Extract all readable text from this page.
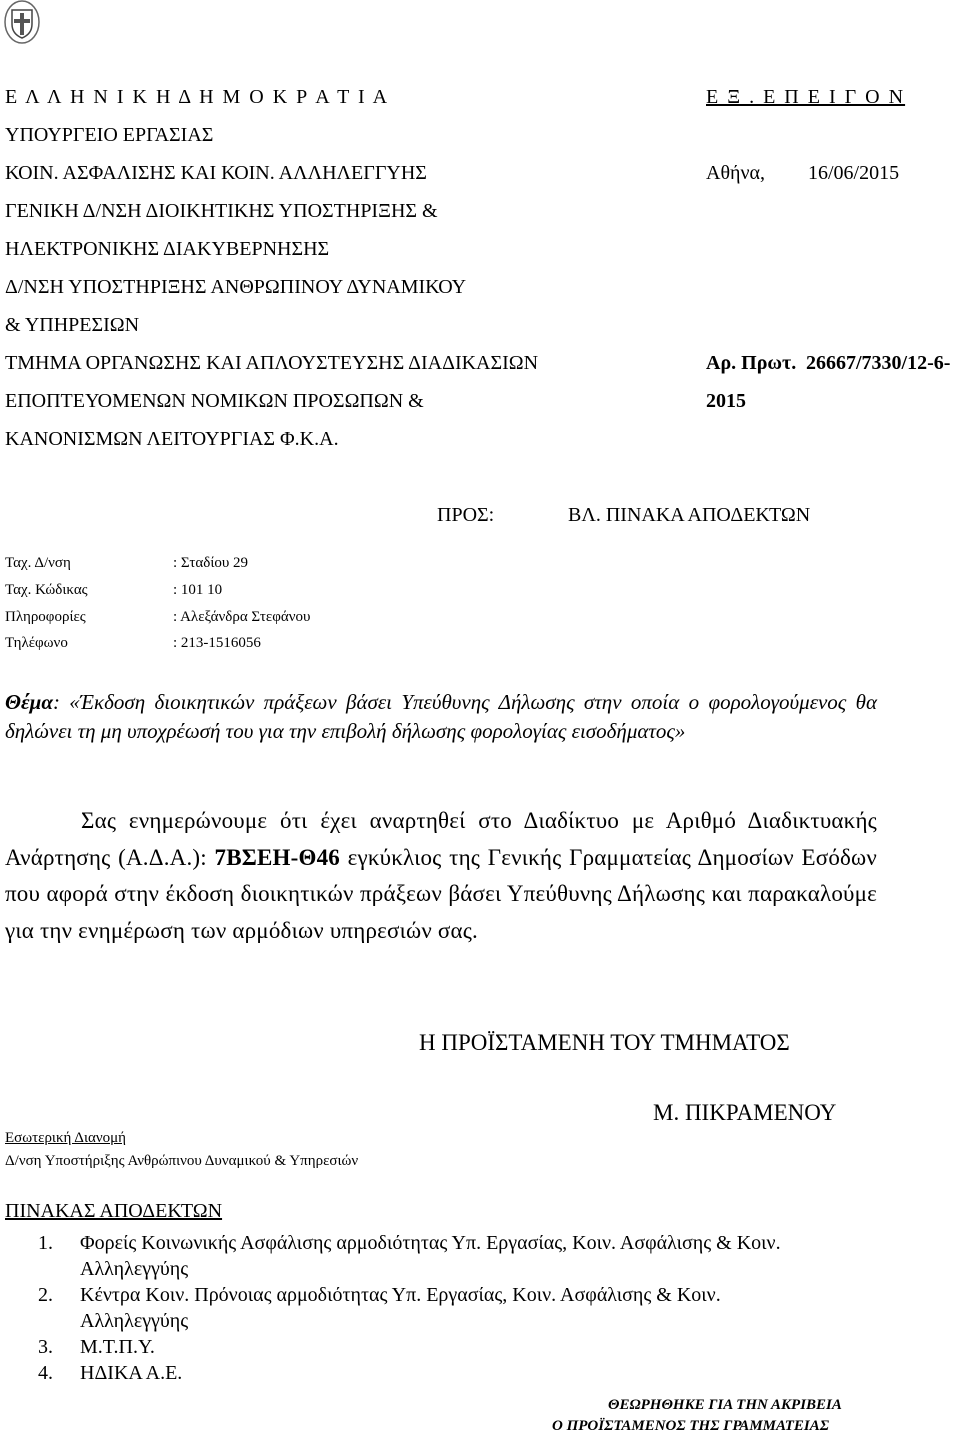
Ε Λ Λ Η Ν Ι Κ Η Δ Η Μ Ο Κ Ρ Α Τ Ι Α
ΥΠΟΥΡΓΕΙΟ ΕΡΓΑΣΙΑΣ
ΚΟΙΝ. ΑΣΦΑΛΙΣΗΣ ΚΑΙ ΚΟΙΝ. ΑΛΛΗΛΕΓΓΥΗΣ
ΓΕΝΙΚΗ Δ/ΝΣΗ ΔΙΟΙΚΗΤΙΚΗΣ ΥΠΟΣΤΗΡΙΞΗΣ &
ΗΛΕΚΤΡΟΝΙΚΗΣ ΔΙΑΚΥΒΕΡΝΗΣΗΣ
Δ/ΝΣΗ ΥΠΟΣΤΗΡΙΞΗΣ ΑΝΘΡΩΠΙΝΟΥ ΔΥΝΑΜΙΚΟΥ
& ΥΠΗΡΕΣΙΩΝ
ΤΜΗΜΑ ΟΡΓΑΝΩΣΗΣ ΚΑΙ ΑΠΛΟΥΣΤΕΥΣΗΣ ΔΙΑΔΙΚΑΣΙΩΝ
ΕΠΟΠΤΕΥΟΜΕΝΩΝ ΝΟΜΙΚΩΝ ΠΡΟΣΩΠΩΝ &
ΚΑΝΟΝΙΣΜΩΝ ΛΕΙΤΟΥΡΓΙΑΣ Φ.Κ.Α.
Ε Ξ . Ε Π Ε Ι Γ Ο Ν
Αθήνα, 16/06/2015
Αρ. Πρωτ. 26667/7330/12-6-
2015
ΠΡΟΣ:	ΒΛ. ΠΙΝΑΚΑ ΑΠΟΔΕΚΤΩΝ
Ταχ. Δ/νση	: Σταδίου 29
Ταχ. Κώδικας	: 101 10
Πληροφορίες	: Αλεξάνδρα Στεφάνου
Τηλέφωνο	: 213-1516056
Θέμα: «Έκδοση διοικητικών πράξεων βάσει Υπεύθυνης Δήλωσης στην οποία ο φορολογούμενος θα δηλώνει τη μη υποχρέωσή του για την επιβολή δήλωσης φορολογίας εισοδήματος»
Σας ενημερώνουμε ότι έχει αναρτηθεί στο Διαδίκτυο με Αριθμό Διαδικτυακής Ανάρτησης (Α.Δ.Α.): 7ΒΣΕΗ-Θ46 εγκύκλιος της Γενικής Γραμματείας Δημοσίων Εσόδων που αφορά στην έκδοση διοικητικών πράξεων βάσει Υπεύθυνης Δήλωσης και παρακαλούμε για την ενημέρωση των αρμόδιων υπηρεσιών σας.
Η ΠΡΟΪΣΤΑΜΕΝΗ ΤΟΥ ΤΜΗΜΑΤΟΣ
Μ. ΠΙΚΡΑΜΕΝΟΥ
Εσωτερική Διανομή
Δ/νση Υποστήριξης Ανθρώπινου Δυναμικού & Υπηρεσιών
ΠΙΝΑΚΑΣ ΑΠΟΔΕΚΤΩΝ
1.	Φορείς Κοινωνικής Ασφάλισης αρμοδιότητας Υπ. Εργασίας, Κοιν. Ασφάλισης & Κοιν. Αλληλεγγύης
2.	Κέντρα Κοιν. Πρόνοιας αρμοδιότητας Υπ. Εργασίας, Κοιν. Ασφάλισης & Κοιν. Αλληλεγγύης
3.	Μ.Τ.Π.Υ.
4.	ΗΔΙΚΑ Α.Ε.
ΘΕΩΡΗΘΗΚΕ ΓΙΑ ΤΗΝ ΑΚΡΙΒΕΙΑ
Ο ΠΡΟΪΣΤΑΜΕΝΟΣ ΤΗΣ ΓΡΑΜΜΑΤΕΙΑΣ
